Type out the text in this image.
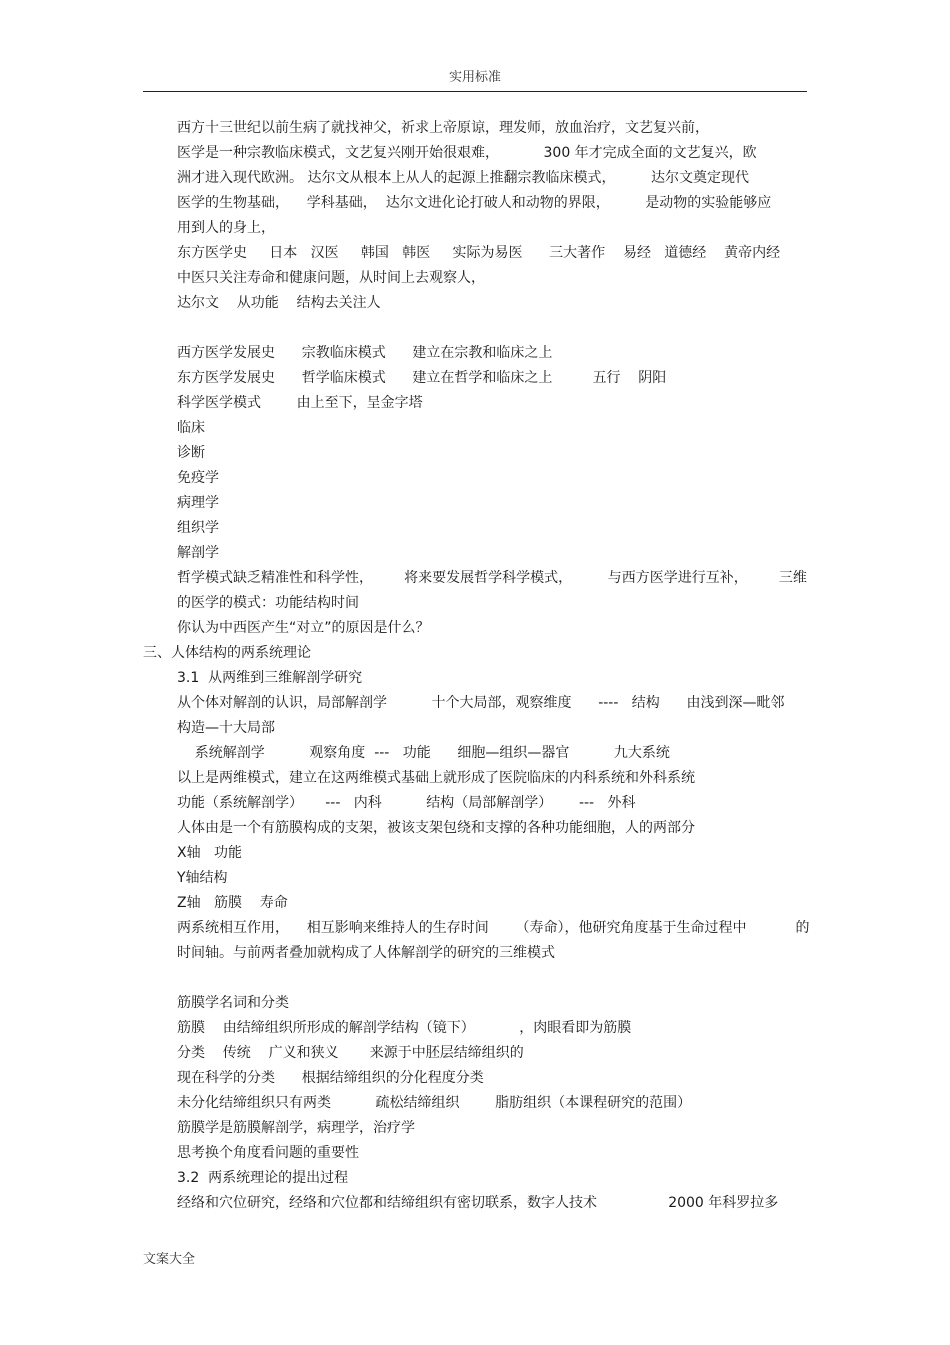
实用标准
西方十三世纪以前生病了就找神父，祈求上帝原谅，理发师，放血治疗，文艺复兴前，
医学是一种宗教临床模式，文艺复兴刚开始很艰难，          300 年才完成全面的文艺复兴，欧
洲才进入现代欧洲。 达尔文从根本上从人的起源上推翻宗教临床模式，        达尔文奠定现代
医学的生物基础，    学科基础，  达尔文进化论打破人和动物的界限，        是动物的实验能够应
用到人的身上，
东方医学史     日本   汉医     韩国   韩医     实际为易医      三大著作    易经   道德经    黄帝内经
中医只关注寿命和健康问题，从时间上去观察人，
达尔文    从功能    结构去关注人
西方医学发展史      宗教临床模式      建立在宗教和临床之上
东方医学发展史      哲学临床模式      建立在哲学和临床之上         五行    阴阳
科学医学模式        由上至下，呈金字塔
临床
诊断
免疫学
病理学
组织学
解剖学
哲学模式缺乏精准性和科学性，       将来要发展哲学科学模式，        与西方医学进行互补，       三维
的医学的模式：功能结构时间
你认为中西医产生“对立”的原因是什么？
三、人体结构的两系统理论
3.1  从两维到三维解剖学研究
从个体对解剖的认识，局部解剖学          十个大局部，观察维度      ----   结构      由浅到深—毗邻
构造—十大局部
系统解剖学          观察角度  ---   功能      细胞—组织—器官          九大系统
以上是两维模式，建立在这两维模式基础上就形成了医院临床的内科系统和外科系统
功能（系统解剖学）     ---   内科          结构（局部解剖学）      ---   外科
人体由是一个有筋膜构成的支架，被该支架包绕和支撑的各种功能细胞，人的两部分
X轴   功能
Y轴结构
Z轴   筋膜    寿命
两系统相互作用，    相互影响来维持人的生存时间      （寿命），他研究角度基于生命过程中           的
时间轴。与前两者叠加就构成了人体解剖学的研究的三维模式
筋膜学名词和分类
筋膜    由结缔组织所形成的解剖学结构（镜下）          ，肉眼看即为筋膜
分类    传统    广义和狭义       来源于中胚层结缔组织的
现在科学的分类      根据结缔组织的分化程度分类
未分化结缔组织只有两类          疏松结缔组织        脂肪组织（本课程研究的范围）
筋膜学是筋膜解剖学，病理学，治疗学
思考换个角度看问题的重要性
3.2  两系统理论的提出过程
经络和穴位研究，经络和穴位都和结缔组织有密切联系，数字人技术                2000 年科罗拉多
文案大全
